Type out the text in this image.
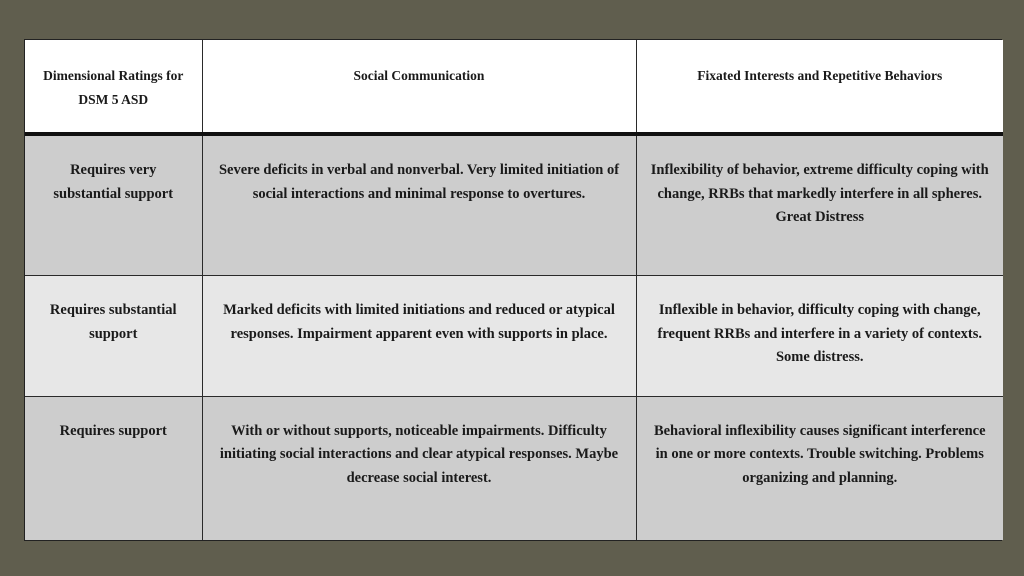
Dimensional Ratings for DSM 5 ASD	Social Communication	Fixated Interests and Repetitive Behaviors
Requires very substantial support	Severe deficits in verbal and nonverbal. Very limited initiation of social interactions and minimal response to overtures.	Inflexibility of behavior, extreme difficulty coping with change, RRBs that markedly interfere in all spheres. Great Distress
Requires substantial support	Marked deficits with limited initiations and reduced or atypical responses. Impairment apparent even with supports in place.	Inflexible in behavior, difficulty coping with change, frequent RRBs and interfere in a variety of contexts. Some distress.
Requires support	With or without supports, noticeable impairments. Difficulty initiating social interactions and clear atypical responses. Maybe decrease social interest.	Behavioral inflexibility causes significant interference in one or more contexts. Trouble switching. Problems organizing and planning.
